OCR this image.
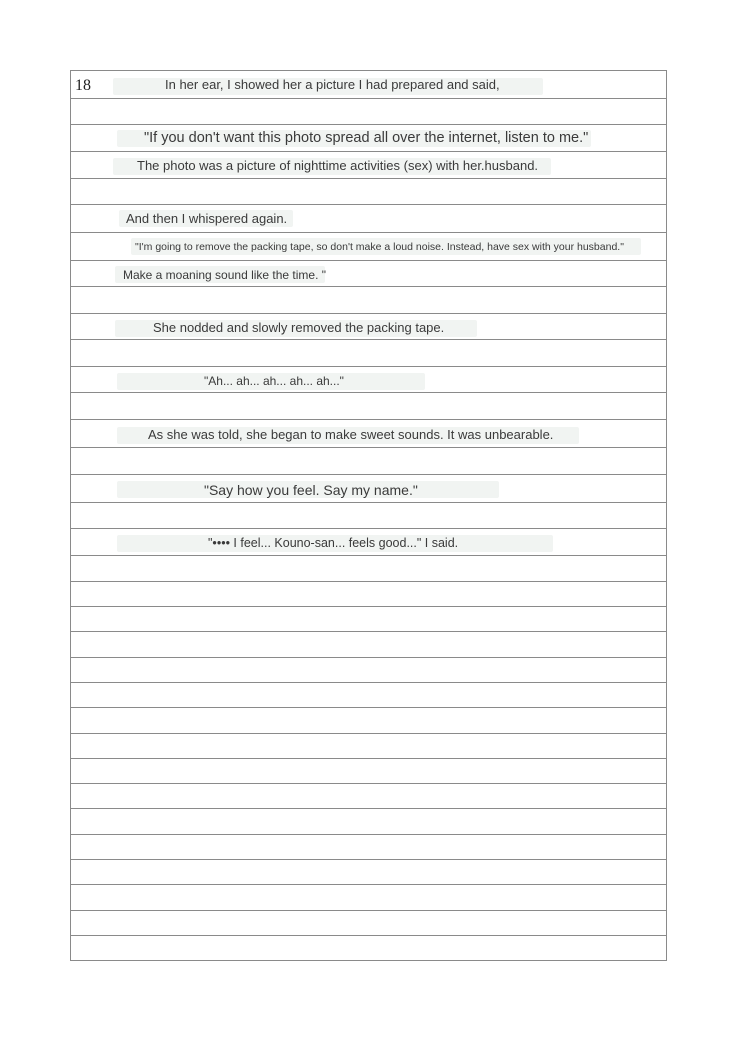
18	In her ear, I showed her a picture I had prepared and said,
"If you don't want this photo spread all over the internet, listen to me."
The photo was a picture of nighttime activities (sex) with her.husband.
And then I whispered again.
"I'm going to remove the packing tape, so don't make a loud noise. Instead, have sex with your husband."
Make a moaning sound like the time. "
She nodded and slowly removed the packing tape.
"Ah... ah... ah... ah... ah..."
As she was told, she began to make sweet sounds. It was unbearable.
"Say how you feel. Say my name."
"•••• I feel... Kouno-san... feels good..." I said.
